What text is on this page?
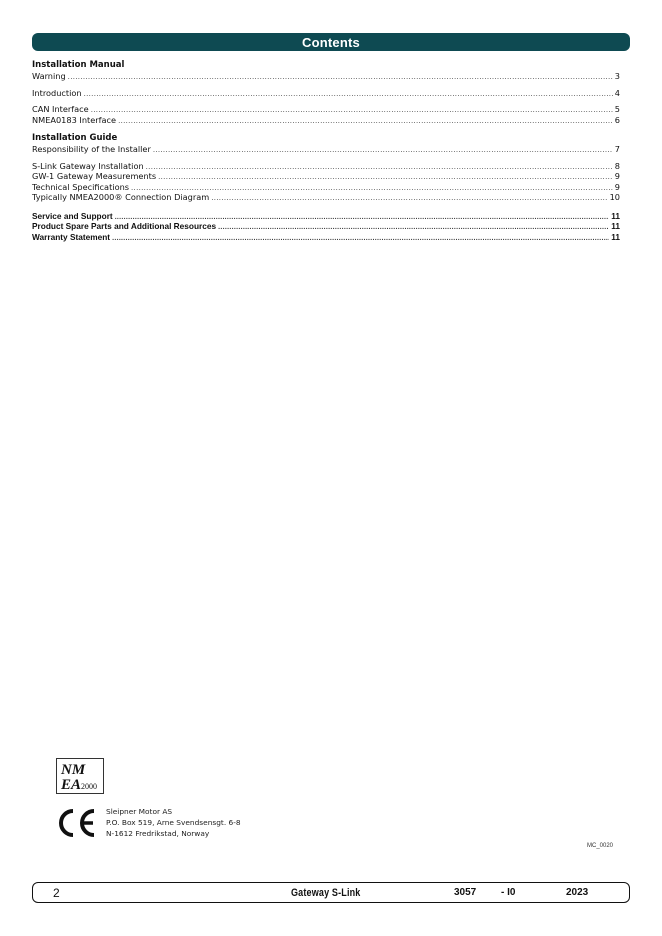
Contents
Installation Manual
Warning .....	3
Introduction .....	4
CAN Interface .....	5
NMEA0183 Interface .....	6
Installation Guide
Responsibility of the Installer .....	7
S-Link Gateway Installation .....	8
GW-1 Gateway Measurements .....	9
Technical Specifications .....	9
Typically NMEA2000® Connection Diagram .....	10
Service and Support .....	11
Product Spare Parts and Additional Resources .....	11
Warranty Statement .....	11
NM
EA 2000
Sleipner Motor AS
P.O. Box 519, Arne Svendsensgt. 6-8
N-1612 Fredrikstad, Norway
MC_0020
2	Gateway S-Link	3057 - I0	2023
